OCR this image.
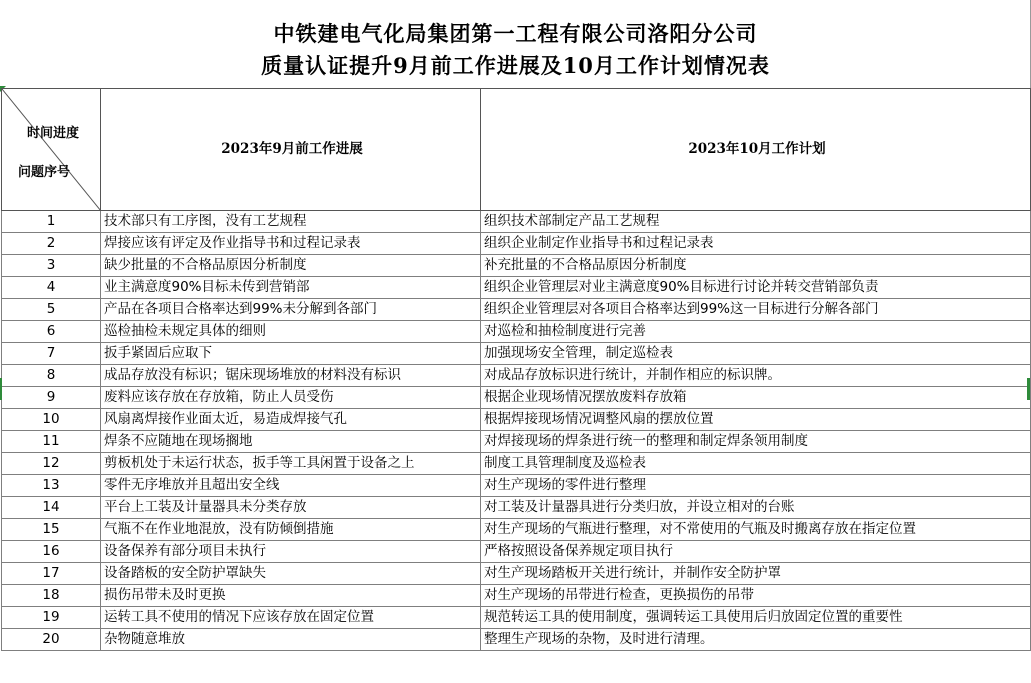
中铁建电气化局集团第一工程有限公司洛阳分公司
质量认证提升9月前工作进展及10月工作计划情况表
时间进度
问题序号	2023年9月前工作进展	2023年10月工作计划
1	技术部只有工序图，没有工艺规程	组织技术部制定产品工艺规程
2	焊接应该有评定及作业指导书和过程记录表	组织企业制定作业指导书和过程记录表
3	缺少批量的不合格品原因分析制度	补充批量的不合格品原因分析制度
4	业主满意度90%目标未传到营销部	组织企业管理层对业主满意度90%目标进行讨论并转交营销部负责
5	产品在各项目合格率达到99%未分解到各部门	组织企业管理层对各项目合格率达到99%这一目标进行分解各部门
6	巡检抽检未规定具体的细则	对巡检和抽检制度进行完善
7	扳手紧固后应取下	加强现场安全管理，制定巡检表
8	成品存放没有标识；锯床现场堆放的材料没有标识	对成品存放标识进行统计，并制作相应的标识牌。
9	废料应该存放在存放箱，防止人员受伤	根据企业现场情况摆放废料存放箱
10	风扇离焊接作业面太近，易造成焊接气孔	根据焊接现场情况调整风扇的摆放位置
11	焊条不应随地在现场搁地	对焊接现场的焊条进行统一的整理和制定焊条领用制度
12	剪板机处于未运行状态，扳手等工具闲置于设备之上	制度工具管理制度及巡检表
13	零件无序堆放并且超出安全线	对生产现场的零件进行整理
14	平台上工装及计量器具未分类存放	对工装及计量器具进行分类归放，并设立相对的台账
15	气瓶不在作业地混放，没有防倾倒措施	对生产现场的气瓶进行整理，对不常使用的气瓶及时搬离存放在指定位置
16	设备保养有部分项目未执行	严格按照设备保养规定项目执行
17	设备踏板的安全防护罩缺失	对生产现场踏板开关进行统计，并制作安全防护罩
18	损伤吊带未及时更换	对生产现场的吊带进行检查，更换损伤的吊带
19	运转工具不使用的情况下应该存放在固定位置	规范转运工具的使用制度，强调转运工具使用后归放固定位置的重要性
20	杂物随意堆放	整理生产现场的杂物，及时进行清理。
